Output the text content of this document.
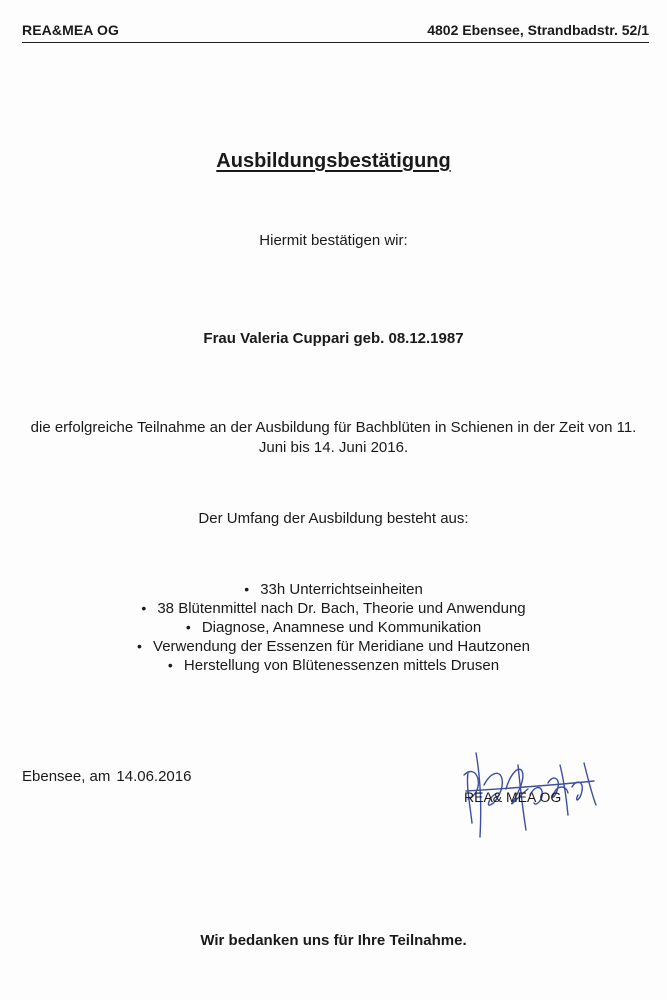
REA&MEA OG	4802 Ebensee, Strandbadstr. 52/1
Ausbildungsbestätigung
Hiermit bestätigen wir:
Frau Valeria Cuppari geb. 08.12.1987
die erfolgreiche Teilnahme an der Ausbildung für Bachblüten in Schienen in der Zeit von 11. Juni bis 14. Juni 2016.
Der Umfang der Ausbildung besteht aus:
• 33h Unterrichtseinheiten
• 38 Blütenmittel nach Dr. Bach, Theorie und Anwendung
• Diagnose, Anamnese und Kommunikation
• Verwendung der Essenzen für Meridiane und Hautzonen
• Herstellung von Blütenessenzen mittels Drusen
Ebensee, am 14.06.2016
REA& MEA OG
Wir bedanken uns für Ihre Teilnahme.
